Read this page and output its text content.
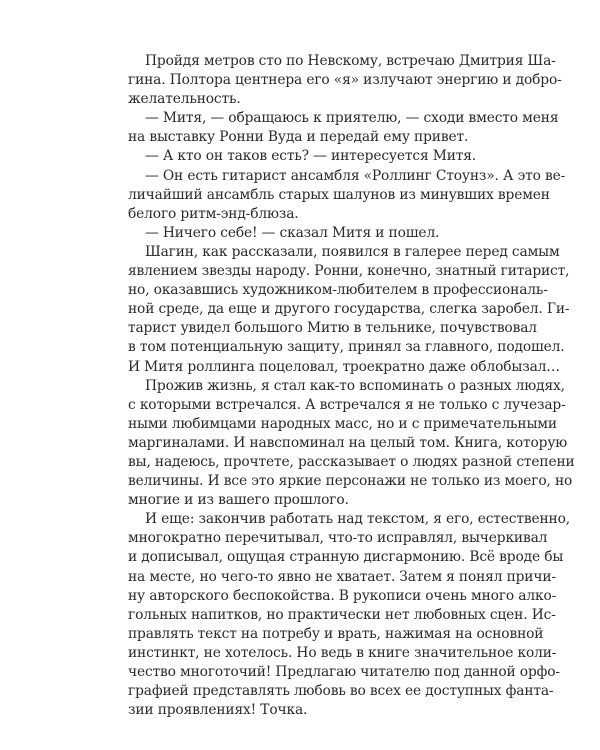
Пройдя метров сто по Невскому, встречаю Дмитрия Ша-
гина. Полтора центнера его «я» излучают энергию и добро-
желательность.
— Митя, — обращаюсь к приятелю, — сходи вместо меня
на выставку Ронни Вуда и передай ему привет.
— А кто он таков есть? — интересуется Митя.
— Он есть гитарист ансамбля «Роллинг Стоунз». А это ве-
личайший ансамбль старых шалунов из минувших времен
белого ритм-энд-блюза.
— Ничего себе! — сказал Митя и пошел.
Шагин, как рассказали, появился в галерее перед самым
явлением звезды народу. Ронни, конечно, знатный гитарист,
но, оказавшись художником-любителем в профессиональ-
ной среде, да еще и другого государства, слегка заробел. Ги-
тарист увидел большого Митю в тельнике, почувствовал
в том потенциальную защиту, принял за главного, подошел.
И Митя роллинга поцеловал, троекратно даже облобызал…
Прожив жизнь, я стал как-то вспоминать о разных людях,
с которыми встречался. А встречался я не только с лучезар-
ными любимцами народных масс, но и с примечательными
маргиналами. И навспоминал на целый том. Книга, которую
вы, надеюсь, прочтете, рассказывает о людях разной степени
величины. И все это яркие персонажи не только из моего, но
многие и из вашего прошлого.
И еще: закончив работать над текстом, я его, естественно,
многократно перечитывал, что-то исправлял, вычеркивал
и дописывал, ощущая странную дисгармонию. Всё вроде бы
на месте, но чего-то явно не хватает. Затем я понял причи-
ну авторского беспокойства. В рукописи очень много алко-
гольных напитков, но практически нет любовных сцен. Ис-
правлять текст на потребу и врать, нажимая на основной
инстинкт, не хотелось. Но ведь в книге значительное коли-
чество многоточий! Предлагаю читателю под данной орфо-
графией представлять любовь во всех ее доступных фанта-
зии проявлениях! Точка.
